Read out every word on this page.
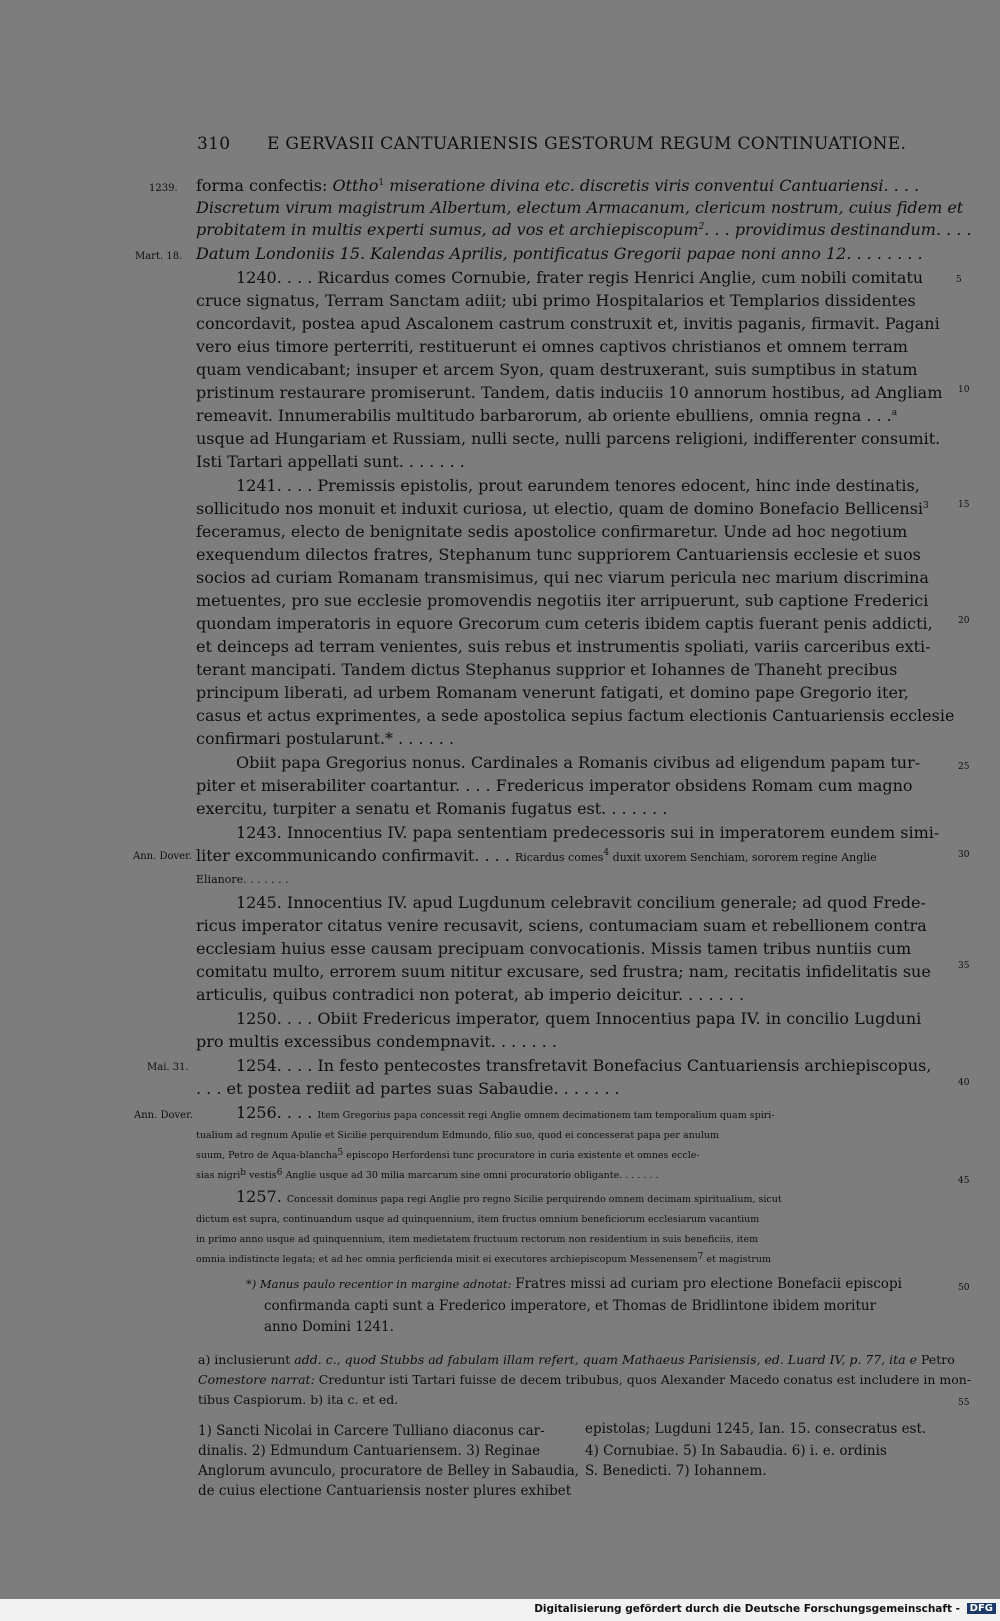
310 E GERVASII CANTUARIENSIS GESTORUM REGUM CONTINUATIONE.
1239.
Mart. 18.
Ann. Dover.
Mai. 31.
Ann. Dover.
5
10
15
20
25
30
35
40
45
50
55
forma confectis: Ottho$^1$ miseratione divina etc. discretis viris conventui Cantuariensi. . . .
Discretum virum magistrum Albertum, electum Armacanum, clericum nostrum, cuius fidem et
probitatem in multis experti sumus, ad vos et archiepiscopum$^2$. . . providimus destinandum. . . .
Datum Londoniis 15. Kalendas Aprilis, pontificatus Gregorii papae noni anno 12. . . . . . . .
1240. . . . Ricardus comes Cornubie, frater regis Henrici Anglie, cum nobili comitatu
cruce signatus, Terram Sanctam adiit; ubi primo Hospitalarios et Templarios dissidentes
concordavit, postea apud Ascalonem castrum construxit et, invitis paganis, firmavit. Pagani
vero eius timore perterriti, restituerunt ei omnes captivos christianos et omnem terram
quam vendicabant; insuper et arcem Syon, quam destruxerant, suis sumptibus in statum
pristinum restaurare promiserunt. Tandem, datis induciis 10 annorum hostibus, ad Angliam
remeavit. Innumerabilis multitudo barbarorum, ab oriente ebulliens, omnia regna . . .$^a$
usque ad Hungariam et Russiam, nulli secte, nulli parcens religioni, indifferenter consumit.
Isti Tartari appellati sunt. . . . . . .
1241. . . . Premissis epistolis, prout earundem tenores edocent, hinc inde destinatis,
sollicitudo nos monuit et induxit curiosa, ut electio, quam de domino Bonefacio Bellicensi$^3$
feceramus, electo de benignitate sedis apostolice confirmaretur. Unde ad hoc negotium
exequendum dilectos fratres, Stephanum tunc suppriorem Cantuariensis ecclesie et suos
socios ad curiam Romanam transmisimus, qui nec viarum pericula nec marium discrimina
metuentes, pro sue ecclesie promovendis negotiis iter arripuerunt, sub captione Frederici
quondam imperatoris in equore Grecorum cum ceteris ibidem captis fuerant penis addicti,
et deinceps ad terram venientes, suis rebus et instrumentis spoliati, variis carceribus exti-
terant mancipati. Tandem dictus Stephanus supprior et Iohannes de Thaneht precibus
principum liberati, ad urbem Romanam venerunt fatigati, et domino pape Gregorio iter,
casus et actus exprimentes, a sede apostolica sepius factum electionis Cantuariensis ecclesie
confirmari postularunt.* . . . . . .
Obiit papa Gregorius nonus. Cardinales a Romanis civibus ad eligendum papam tur-
piter et miserabiliter coartantur. . . . Fredericus imperator obsidens Romam cum magno
exercitu, turpiter a senatu et Romanis fugatus est. . . . . . .
1243. Innocentius IV. papa sententiam predecessoris sui in imperatorem eundem simi-
liter excommunicando confirmavit. . . . Ricardus comes$^4$ duxit uxorem Senchiam, sororem regine Anglie
Elianore. . . . . . .
1245. Innocentius IV. apud Lugdunum celebravit concilium generale; ad quod Frede-
ricus imperator citatus venire recusavit, sciens, contumaciam suam et rebellionem contra
ecclesiam huius esse causam precipuam convocationis. Missis tamen tribus nuntiis cum
comitatu multo, errorem suum nititur excusare, sed frustra; nam, recitatis infidelitatis sue
articulis, quibus contradici non poterat, ab imperio deicitur. . . . . . .
1250. . . . Obiit Fredericus imperator, quem Innocentius papa IV. in concilio Lugduni
pro multis excessibus condempnavit. . . . . . .
1254. . . . In festo pentecostes transfretavit Bonefacius Cantuariensis archiepiscopus,
. . . et postea rediit ad partes suas Sabaudie. . . . . . .
1256. . . . Item Gregorius papa concessit regi Anglie omnem decimationem tam temporalium quam spiri-
tualium ad regnum Apulie et Sicilie perquirendum Edmundo, filio suo, quod ei concesserat papa per anulum
suum, Petro de Aqua-blancha$^5$ episcopo Herfordensi tunc procuratore in curia existente et omnes eccle-
sias nigri$^b$ vestis$^6$ Anglie usque ad 30 milia marcarum sine omni procuratorio obligante. . . . . . .
1257. Concessit dominus papa regi Anglie pro regno Sicilie perquirendo omnem decimam spiritualium, sicut
dictum est supra, continuandum usque ad quinquennium, item fructus omnium beneficiorum ecclesiarum vacantium
in primo anno usque ad quinquennium, item medietatem fructuum rectorum non residentium in suis beneficiis, item
omnia indistincte legata; et ad hec omnia perficienda misit ei executores archiepiscopum Messenensem$^7$ et magistrum
*) Manus paulo recentior in margine adnotat: Fratres missi ad curiam pro electione Bonefacii episcopi
confirmanda capti sunt a Frederico imperatore, et Thomas de Bridlintone ibidem moritur
anno Domini 1241.
a) inclusierunt add. c., quod Stubbs ad fabulam illam refert, quam Mathaeus Parisiensis, ed. Luard IV, p. 77, ita e Petro
Comestore narrat: Creduntur isti Tartari fuisse de decem tribubus, quos Alexander Macedo conatus est includere in mon-
tibus Caspiorum. b) ita c. et ed.
1) Sancti Nicolai in Carcere Tulliano diaconus car-
dinalis. 2) Edmundum Cantuariensem. 3) Reginae
Anglorum avunculo, procuratore de Belley in Sabaudia,
de cuius electione Cantuariensis noster plures exhibet
epistolas; Lugduni 1245, Ian. 15. consecratus est.
4) Cornubiae. 5) In Sabaudia. 6) i. e. ordinis
S. Benedicti. 7) Iohannem.
Digitalisierung gefördert durch die Deutsche Forschungsgemeinschaft - DFG
